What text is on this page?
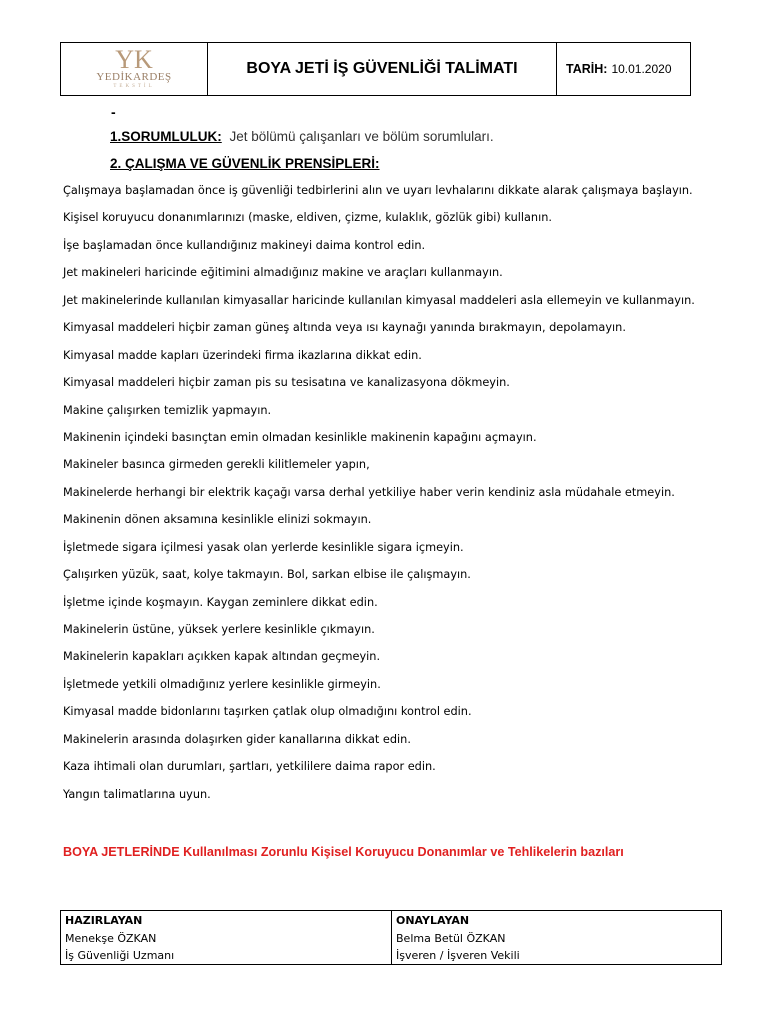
YK
YEDİKARDEŞ
TEKSTİL
BOYA JETİ İŞ GÜVENLİĞİ TALİMATI	TARİH: 10.01.2020
-
1.SORUMLULUK: Jet bölümü çalışanları ve bölüm sorumluları.
2. ÇALIŞMA VE GÜVENLİK PRENSİPLERİ:
Çalışmaya başlamadan önce iş güvenliği tedbirlerini alın ve uyarı levhalarını dikkate alarak çalışmaya başlayın.
Kişisel koruyucu donanımlarınızı (maske, eldiven, çizme, kulaklık, gözlük gibi) kullanın.
İşe başlamadan önce kullandığınız makineyi daima kontrol edin.
Jet makineleri haricinde eğitimini almadığınız makine ve araçları kullanmayın.
Jet makinelerinde kullanılan kimyasallar haricinde kullanılan kimyasal maddeleri asla ellemeyin ve kullanmayın.
Kimyasal maddeleri hiçbir zaman güneş altında veya ısı kaynağı yanında bırakmayın, depolamayın.
Kimyasal madde kapları üzerindeki firma ikazlarına dikkat edin.
Kimyasal maddeleri hiçbir zaman pis su tesisatına ve kanalizasyona dökmeyin.
Makine çalışırken temizlik yapmayın.
Makinenin içindeki basınçtan emin olmadan kesinlikle makinenin kapağını açmayın.
Makineler basınca girmeden gerekli kilitlemeler yapın,
Makinelerde herhangi bir elektrik kaçağı varsa derhal yetkiliye haber verin kendiniz asla müdahale etmeyin.
Makinenin dönen aksamına kesinlikle elinizi sokmayın.
İşletmede sigara içilmesi yasak olan yerlerde kesinlikle sigara içmeyin.
Çalışırken yüzük, saat, kolye takmayın. Bol, sarkan elbise ile çalışmayın.
İşletme içinde koşmayın. Kaygan zeminlere dikkat edin.
Makinelerin üstüne, yüksek yerlere kesinlikle çıkmayın.
Makinelerin kapakları açıkken kapak altından geçmeyin.
İşletmede yetkili olmadığınız yerlere kesinlikle girmeyin.
Kimyasal madde bidonlarını taşırken çatlak olup olmadığını kontrol edin.
Makinelerin arasında dolaşırken gider kanallarına dikkat edin.
Kaza ihtimali olan durumları, şartları, yetkililere daima rapor edin.
Yangın talimatlarına uyun.
BOYA JETLERİNDE Kullanılması Zorunlu Kişisel Koruyucu Donanımlar ve Tehlikelerin bazıları
HAZIRLAYAN
Menekşe ÖZKAN
İş Güvenliği Uzmanı
ONAYLAYAN
Belma Betül ÖZKAN
İşveren / İşveren Vekili
